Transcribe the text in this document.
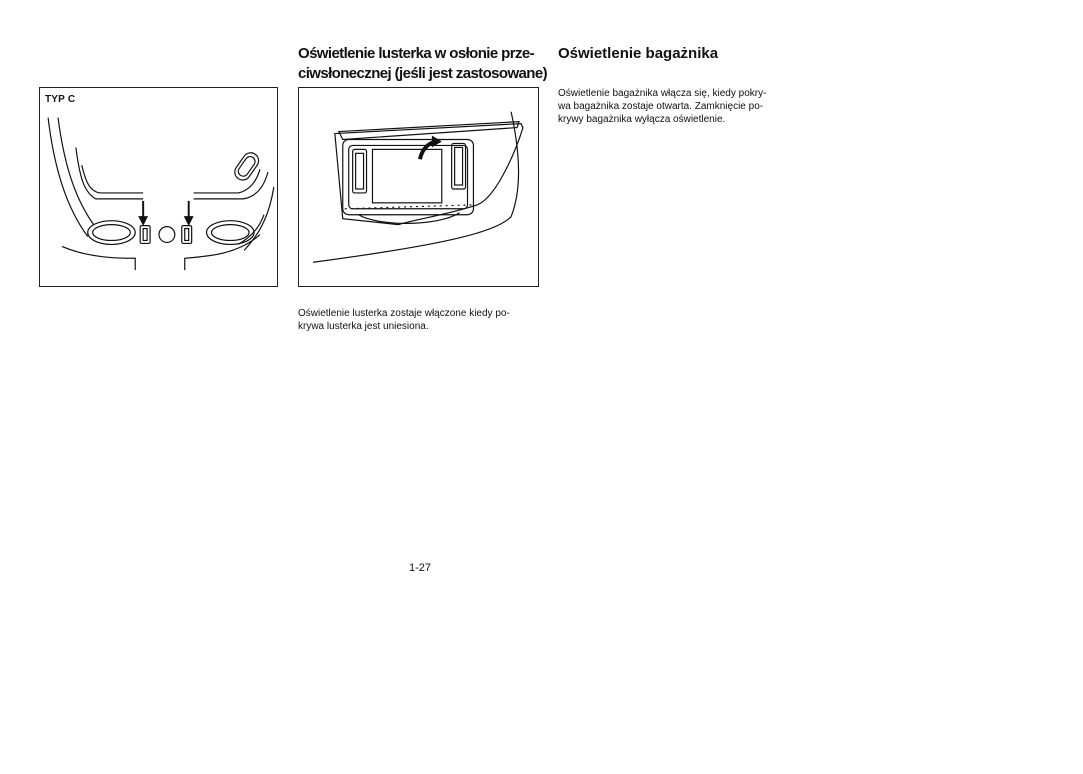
TYP C
Oświetlenie lusterka w osłonie prze-
ciwsłonecznej (jeśli jest zastosowane)

Oświetlenie lusterka zostaje włączone kiedy po-
krywa lusterka jest uniesiona.

Oświetlenie bagażnika

Oświetlenie bagażnika włącza się, kiedy pokry-
wa bagażnika zostaje otwarta. Zamknięcie po-
krywy bagażnika wyłącza oświetlenie.

1-27
